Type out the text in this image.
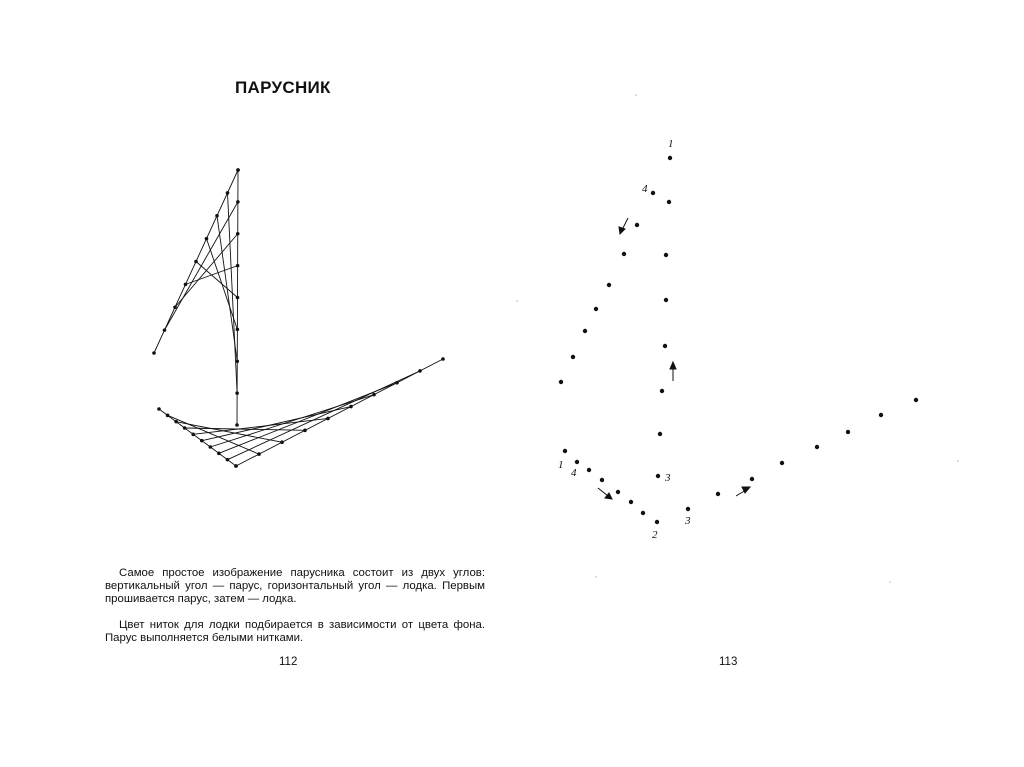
ПАРУСНИК

Самое простое изображение парусника состоит из двух углов: вертикальный угол — парус, горизонтальный угол — лодка. Первым прошивается парус, затем — лодка.

Цвет ниток для лодки подбирается в зависимости от цвета фона. Парус выполняется белыми нитками.

112	113
1
4
3
1
4
2
3
